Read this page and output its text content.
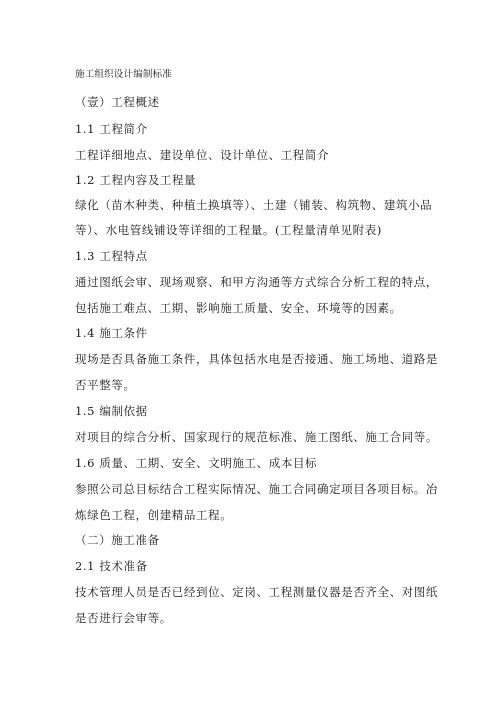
施工组织设计编制标准
（壹）工程概述
1.1 工程简介
工程详细地点、建设单位、设计单位、工程简介
1.2 工程内容及工程量
绿化（苗木种类、种植土换填等）、土建（铺装、构筑物、建筑小品
等）、水电管线铺设等详细的工程量。(工程量清单见附表)
1.3 工程特点
通过图纸会审、现场观察、和甲方沟通等方式综合分析工程的特点，
包括施工难点、工期、影响施工质量、安全、环境等的因素。
1.4 施工条件
现场是否具备施工条件，具体包括水电是否接通、施工场地、道路是
否平整等。
1.5 编制依据
对项目的综合分析、国家现行的规范标准、施工图纸、施工合同等。
1.6 质量、工期、安全、文明施工、成本目标
参照公司总目标结合工程实际情况、施工合同确定项目各项目标。冶
炼绿色工程，创建精品工程。
（二）施工准备
2.1 技术准备
技术管理人员是否已经到位、定岗、工程测量仪器是否齐全、对图纸
是否进行会审等。
